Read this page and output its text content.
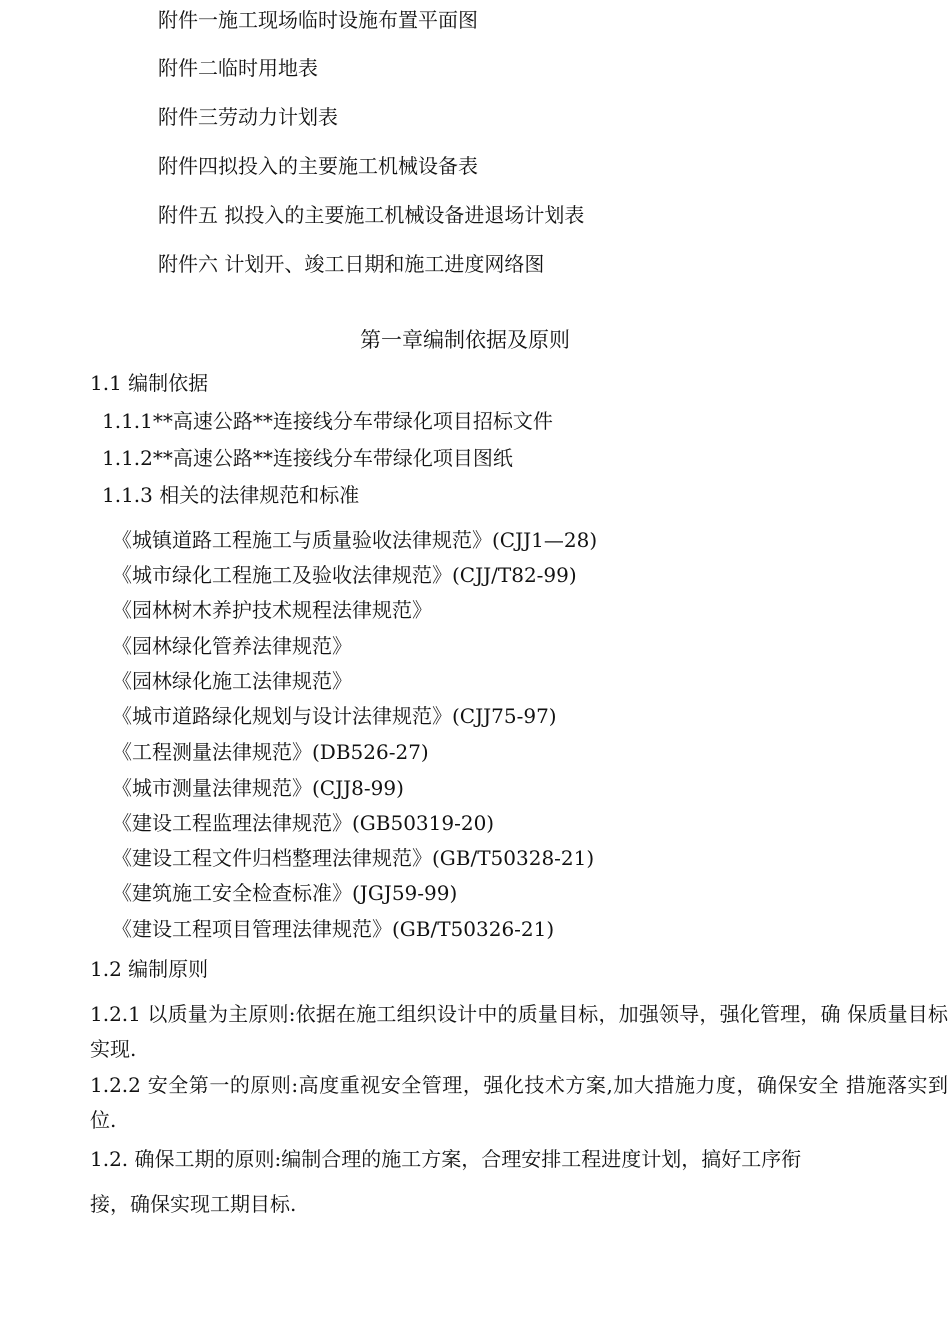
附件一施工现场临时设施布置平面图
附件二临时用地表
附件三劳动力计划表
附件四拟投入的主要施工机械设备表
附件五 拟投入的主要施工机械设备进退场计划表
附件六 计划开、竣工日期和施工进度网络图
第一章编制依据及原则
1.1 编制依据
1.1.1**高速公路**连接线分车带绿化项目招标文件
1.1.2**高速公路**连接线分车带绿化项目图纸
1.1.3 相关的法律规范和标准
《城镇道路工程施工与质量验收法律规范》(CJJ1—28)
《城市绿化工程施工及验收法律规范》(CJJ/T82-99)
《园林树木养护技术规程法律规范》
《园林绿化管养法律规范》
《园林绿化施工法律规范》
《城市道路绿化规划与设计法律规范》(CJJ75-97)
《工程测量法律规范》(DB526-27)
《城市测量法律规范》(CJJ8-99)
《建设工程监理法律规范》(GB50319-20)
《建设工程文件归档整理法律规范》(GB/T50328-21)
《建筑施工安全检查标准》(JGJ59-99)
《建设工程项目管理法律规范》(GB/T50326-21)
1.2 编制原则
1.2.1 以质量为主原则:依据在施工组织设计中的质量目标，加强领导，强化管理，确 保质量目标实现.
1.2.2 安全第一的原则:高度重视安全管理，强化技术方案,加大措施力度，确保安全 措施落实到位.
1.2. 确保工期的原则:编制合理的施工方案，合理安排工程进度计划，搞好工序衔
接，确保实现工期目标.
